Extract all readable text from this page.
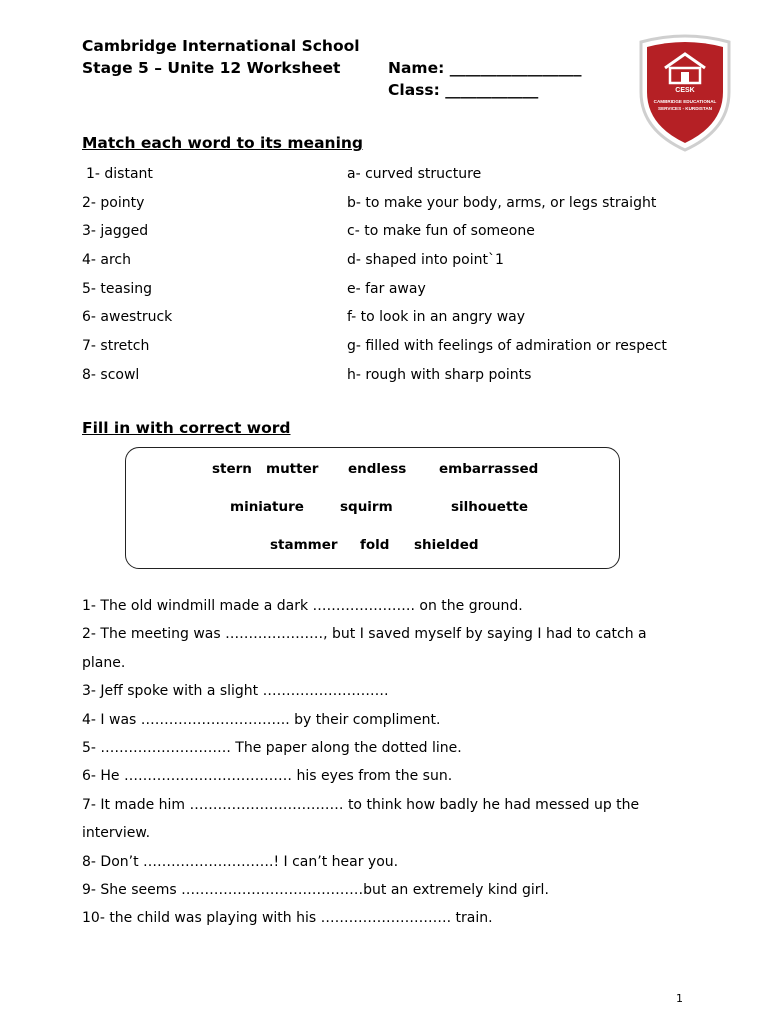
Cambridge International School
Stage 5 – Unite 12 Worksheet	Name: _________________
Class: ____________	CESK
CAMBRIDGE EDUCATIONAL
SERVICES - KURDISTAN
Match each word to its meaning
1- distant	a- curved structure
2- pointy	b- to make your body, arms, or legs straight
3- jagged	c- to make fun of someone
4- arch	d- shaped into point`1
5- teasing	e- far away
6- awestruck	f- to look in an angry way
7- stretch	g- filled with feelings of admiration or respect
8- scowl	h- rough with sharp points
Fill in with correct word
stern mutter endless embarrassed
miniature	squirm	silhouette
stammer fold shielded
1- The old windmill made a dark …………………. on the ground.
2- The meeting was …………………, but I saved myself by saying I had to catch a plane.
3- Jeff spoke with a slight ………………………
4- I was ………………………….. by their compliment.
5- ………………………. The paper along the dotted line.
6- He ……………………………… his eyes from the sun.
7- It made him …………………………… to think how badly he had messed up the interview.
8- Don’t ……………………….! I can’t hear you.
9- She seems …………………………………but an extremely kind girl.
10- the child was playing with his ………………………. train.
1
